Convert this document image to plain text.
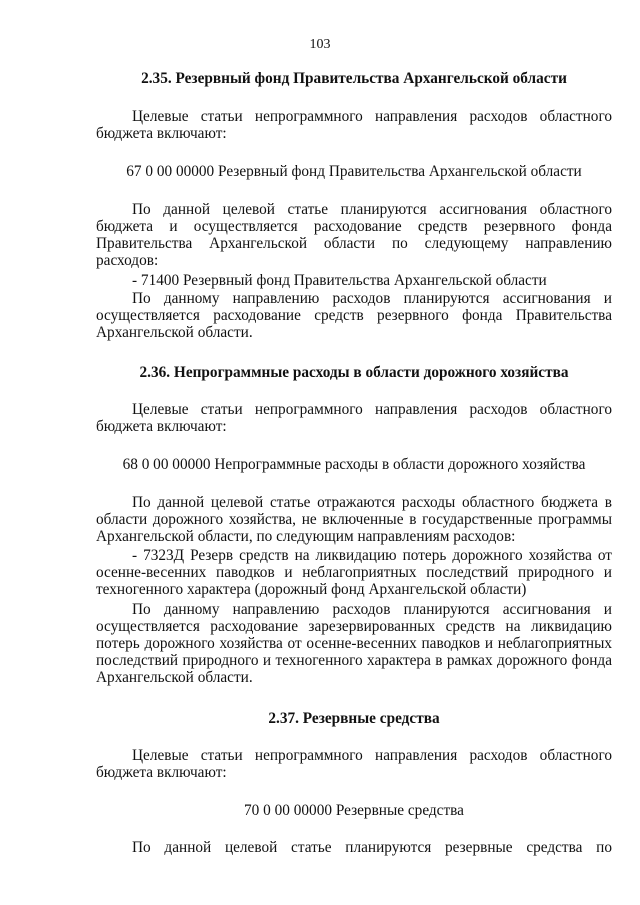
103
2.35. Резервный фонд Правительства Архангельской области

Целевые статьи непрограммного направления расходов областного бюджета включают:

67 0 00 00000 Резервный фонд Правительства Архангельской области

По данной целевой статье планируются ассигнования областного бюджета и осуществляется расходование средств резервного фонда Правительства Архангельской области по следующему направлению расходов:

- 71400 Резервный фонд Правительства Архангельской области

По данному направлению расходов планируются ассигнования и осуществляется расходование средств резервного фонда Правительства Архангельской области.

2.36. Непрограммные расходы в области дорожного хозяйства

Целевые статьи непрограммного направления расходов областного бюджета включают:

68 0 00 00000 Непрограммные расходы в области дорожного хозяйства

По данной целевой статье отражаются расходы областного бюджета в области дорожного хозяйства, не включенные в государственные программы Архангельской области, по следующим направлениям расходов:

- 7323Д Резерв средств на ликвидацию потерь дорожного хозяйства от осенне-весенних паводков и неблагоприятных последствий природного и техногенного характера (дорожный фонд Архангельской области)

По данному направлению расходов планируются ассигнования и осуществляется расходование зарезервированных средств на ликвидацию потерь дорожного хозяйства от осенне-весенних паводков и неблагоприятных последствий природного и техногенного характера в рамках дорожного фонда Архангельской области.

2.37. Резервные средства

Целевые статьи непрограммного направления расходов областного бюджета включают:

70 0 00 00000 Резервные средства

По данной целевой статье планируются резервные средства по
